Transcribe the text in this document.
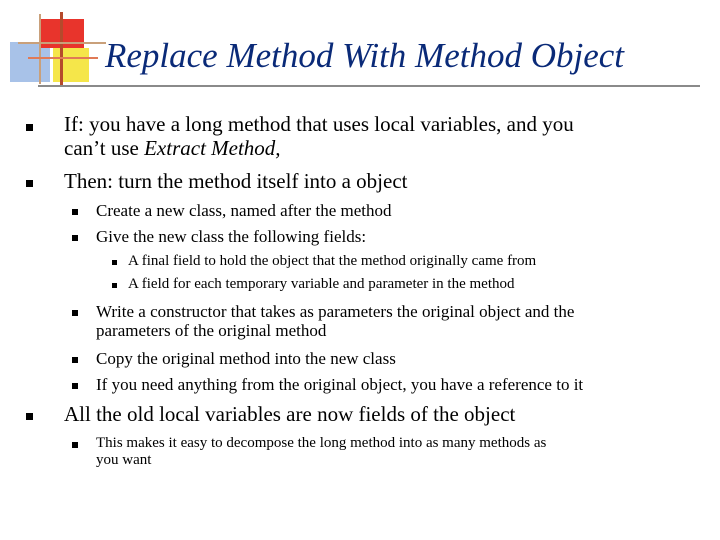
Replace Method With Method Object
If: you have a long method that uses local variables, and you
can’t use Extract Method,
Then: turn the method itself into a object
Create a new class, named after the method
Give the new class the following fields:
A final field to hold the object that the method originally came from
A field for each temporary variable and parameter in the method
Write a constructor that takes as parameters the original object and the
parameters of the original method
Copy the original method into the new class
If you need anything from the original object, you have a reference to it
All the old local variables are now fields of the object
This makes it easy to decompose the long method into as many methods as
you want
